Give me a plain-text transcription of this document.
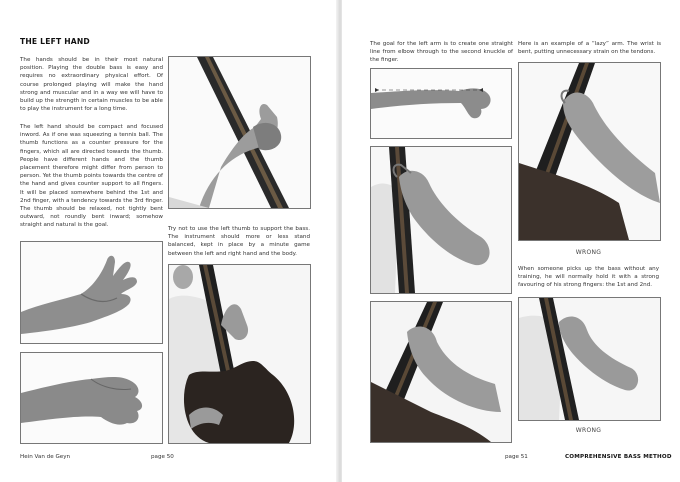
THE LEFT HAND
The hands should be in their most natural position. Playing the double bass is easy and requires no extraordinary physical effort. Of course prolonged playing will make the hand strong and muscular and in a way we will have to build up the strength in certain muscles to be able to play the instrument for a long time.
The left hand should be compact and focused inword. As if one was squeezing a tennis ball. The thumb functions as a counter pressure for the fingers, which all are directed towards the thumb. People have different hands and the thumb placement therefore might differ from person to person. Yet the thumb points towards the centre of the hand and gives counter support to all fingers. It will be placed somewhere behind the 1st and 2nd finger, with a tendency towards the 3rd finger. The thumb should be relaxed, not tightly bent outward, not roundly bent inward; somehow straight and natural is the goal.
Try not to use the left thumb to support the bass. The instrument should more or less stand balanced, kept in place by a minute game between the left and right hand and the body.
Hein Van de Geyn	page 50
The goal for the left arm is to create one straight line from elbow through to the second knuckle of the finger.
Here is an example of a “lazy” arm. The wrist is bent, putting unnecessary strain on the tendons.
WRONG
When someone picks up the bass without any training, he will normally hold it with a strong favouring of his strong fingers: the 1st and 2nd.
WRONG
page 51	COMPREHENSIVE BASS METHOD
